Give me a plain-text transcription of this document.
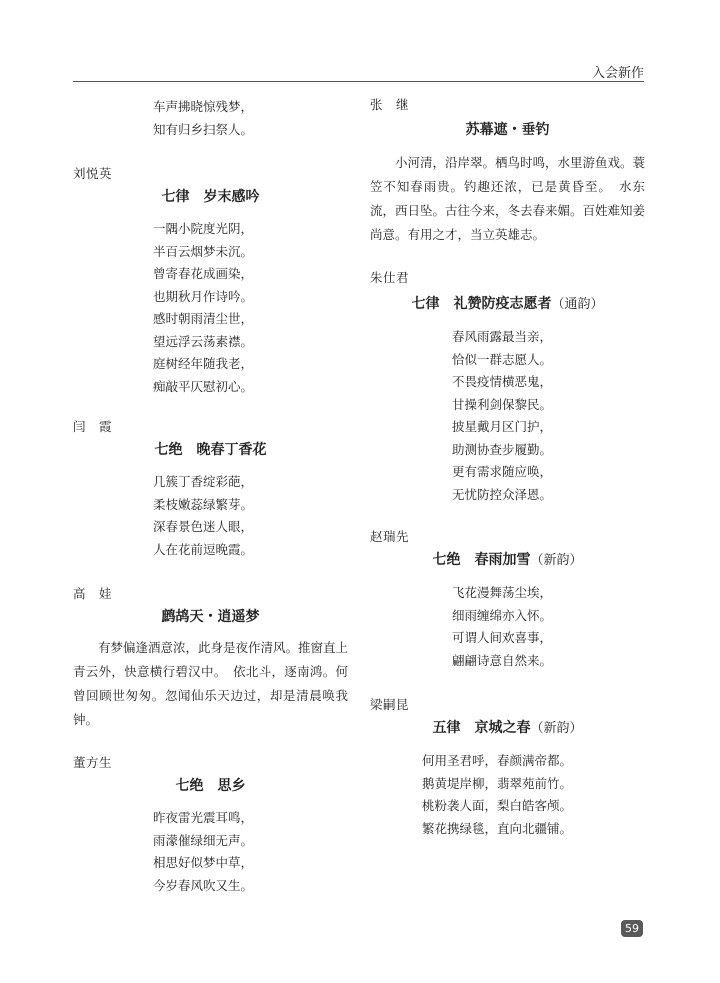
入会新作
车声拂晓惊残梦，
知有归乡扫祭人。

刘悦英

七律　岁末感吟

一隅小院度光阴，
半百云烟梦未沉。
曾寄春花成画染，
也期秋月作诗吟。
感时朝雨清尘世，
望远浮云荡素襟。
庭树经年随我老，
痴敲平仄慰初心。

闫　霞

七绝　晚春丁香花

几簇丁香绽彩葩，
柔枝嫩蕊绿繁芽。
深春景色迷人眼，
人在花前逗晚霞。

高　娃

鹧鸪天・逍遥梦

有梦偏逢酒意浓，此身是夜作清风。推窗直上青云外，快意横行碧汉中。　依北斗，逐南鸿。何曾回顾世匆匆。忽闻仙乐天边过，却是清晨唤我钟。

董方生

七绝　思乡

昨夜雷光震耳鸣，
雨濛催绿细无声。
相思好似梦中草，
今岁春风吹又生。

张　继

苏幕遮・垂钓

小河清，沿岸翠。栖鸟时鸣，水里游鱼戏。蓑笠不知春雨贵。钓趣还浓，已是黄昏至。　水东流，西日坠。古往今来，冬去春来媚。百姓难知姜尚意。有用之才，当立英雄志。

朱仕君

七律　礼赞防疫志愿者（通韵）

春风雨露最当亲，
恰似一群志愿人。
不畏疫情横恶鬼，
甘操利剑保黎民。
披星戴月区门护，
助测协查步履勤。
更有需求随应唤，
无忧防控众泽恩。

赵瑞先

七绝　春雨加雪（新韵）

飞花漫舞荡尘埃，
细雨缠绵亦入怀。
可谓人间欢喜事，
翩翩诗意自然来。

梁嗣昆

五律　京城之春（新韵）

何用圣君呼，春颜满帝都。
鹅黄堤岸柳，翡翠苑前竹。
桃粉袭人面，梨白皓客颅。
繁花携绿毯，直向北疆铺。
59
